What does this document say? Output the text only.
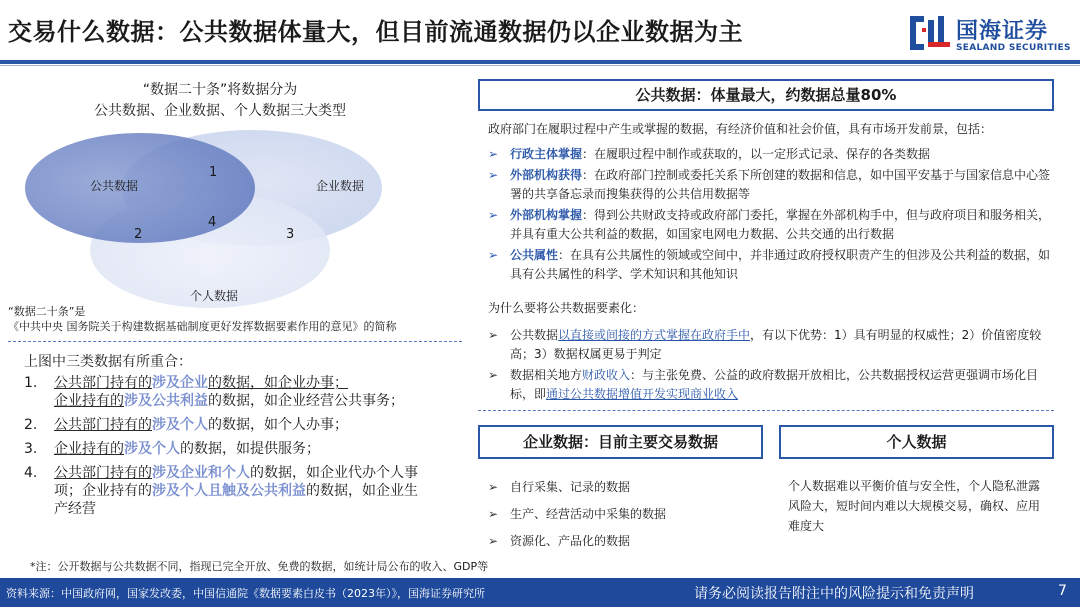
交易什么数据：公共数据体量大，但目前流通数据仍以企业数据为主	国海证券
SEALAND SECURITIES
“数据二十条”将数据分为
公共数据、企业数据、个人数据三大类型
公共数据	企业数据
个人数据
1
2	3
4
“数据二十条”是
《中共中央 国务院关于构建数据基础制度更好发挥数据要素作用的意见》的简称
上图中三类数据有所重合：
1.	公共部门持有的涉及企业的数据，如企业办事；
企业持有的涉及公共利益的数据，如企业经营公共事务；
2.	公共部门持有的涉及个人的数据，如个人办事；
3.	企业持有的涉及个人的数据，如提供服务；
4.	公共部门持有的涉及企业和个人的数据，如企业代办个人事项；企业持有的涉及个人且触及公共利益的数据，如企业生产经营
*注：公开数据与公共数据不同，指现已完全开放、免费的数据，如统计局公布的收入、GDP等
公共数据：体量最大，约数据总量80%
政府部门在履职过程中产生或掌握的数据，有经济价值和社会价值，具有市场开发前景，包括：
➢ 行政主体掌握：在履职过程中制作或获取的，以一定形式记录、保存的各类数据
➢ 外部机构获得：在政府部门控制或委托关系下所创建的数据和信息，如中国平安基于与国家信息中心签署的共享备忘录而搜集获得的公共信用数据等
➢ 外部机构掌握：得到公共财政支持或政府部门委托，掌握在外部机构手中，但与政府项目和服务相关，并具有重大公共利益的数据，如国家电网电力数据、公共交通的出行数据
➢ 公共属性：在具有公共属性的领域或空间中，并非通过政府授权职责产生的但涉及公共利益的数据，如具有公共属性的科学、学术知识和其他知识
为什么要将公共数据要素化：
➢ 公共数据以直接或间接的方式掌握在政府手中，有以下优势：1）具有明显的权威性；2）价值密度较高；3）数据权属更易于判定
➢ 数据相关地方财政收入：与主张免费、公益的政府数据开放相比，公共数据授权运营更强调市场化目标，即通过公共数据增值开发实现商业收入
企业数据：目前主要交易数据
➢ 自行采集、记录的数据
➢ 生产、经营活动中采集的数据
➢ 资源化、产品化的数据
个人数据
个人数据难以平衡价值与安全性，个人隐私泄露风险大，短时间内难以大规模交易，确权、应用难度大
资料来源：中国政府网，国家发改委，中国信通院《数据要素白皮书（2023年）》，国海证券研究所	请务必阅读报告附注中的风险提示和免责声明	7
